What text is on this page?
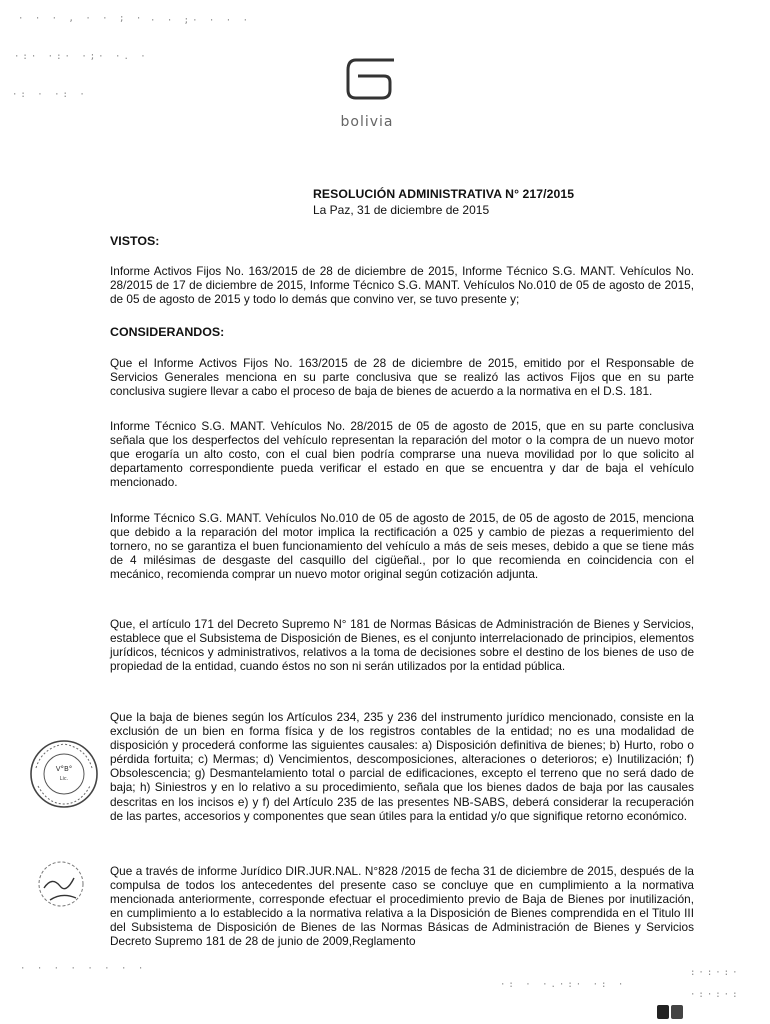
· · · , · · ; ·
·:· ·:· ·;· ·. ·
·: · ·: ·
· · ;· · · ·
· · · · · · · ·
·: · ·.·:· ·: ·
:·:·:·
·:·:·:
bolivia
RESOLUCIÓN ADMINISTRATIVA N° 217/2015
La Paz, 31 de diciembre de 2015
VISTOS:
Informe Activos Fijos No. 163/2015 de 28 de diciembre de 2015, Informe Técnico S.G. MANT. Vehículos No. 28/2015 de 17 de diciembre de 2015, Informe Técnico S.G. MANT. Vehículos No.010 de 05 de agosto de 2015, de 05 de agosto de 2015 y todo lo demás que convino ver, se tuvo presente y;
CONSIDERANDOS:
Que el Informe Activos Fijos No. 163/2015 de 28 de diciembre de 2015, emitido por el Responsable de Servicios Generales menciona en su parte conclusiva que se realizó las activos Fijos que en su parte conclusiva sugiere llevar a cabo el proceso de baja de bienes de acuerdo a la normativa en el D.S. 181.
Informe Técnico S.G. MANT. Vehículos No. 28/2015 de 05 de agosto de 2015, que en su parte conclusiva señala que los desperfectos del vehículo representan la reparación del motor o la compra de un nuevo motor que erogaría un alto costo, con el cual bien podría comprarse una nueva movilidad por lo que solicito al departamento correspondiente pueda verificar el estado en que se encuentra y dar de baja el vehículo mencionado.
Informe Técnico S.G. MANT. Vehículos No.010 de 05 de agosto de 2015, de 05 de agosto de 2015, menciona que debido a la reparación del motor implica la rectificación a 025 y cambio de piezas a requerimiento del tornero, no se garantiza el buen funcionamiento del vehículo a más de seis meses, debido a que se tiene más de 4 milésimas de desgaste del casquillo del cigüeñal., por lo que recomienda en coincidencia con el mecánico, recomienda comprar un nuevo motor original según cotización adjunta.
Que, el artículo 171 del Decreto Supremo N° 181 de Normas Básicas de Administración de Bienes y Servicios, establece que el Subsistema de Disposición de Bienes, es el conjunto interrelacionado de principios, elementos jurídicos, técnicos y administrativos, relativos a la toma de decisiones sobre el destino de los bienes de uso de propiedad de la entidad, cuando éstos no son ni serán utilizados por la entidad pública.
Que la baja de bienes según los Artículos 234, 235 y 236 del instrumento jurídico mencionado, consiste en la exclusión de un bien en forma física y de los registros contables de la entidad; no es una modalidad de disposición y procederá conforme las siguientes causales: a) Disposición definitiva de bienes; b) Hurto, robo o pérdida fortuita; c) Mermas; d) Vencimientos, descomposiciones, alteraciones o deterioros; e) Inutilización; f) Obsolescencia; g) Desmantelamiento total o parcial de edificaciones, excepto el terreno que no será dado de baja; h) Siniestros y en lo relativo a su procedimiento, señala que los bienes dados de baja por las causales descritas en los incisos e) y f) del Artículo 235 de las presentes NB-SABS, deberá considerar la recuperación de las partes, accesorios y componentes que sean útiles para la entidad y/o que signifique retorno económico.
Que a través de informe Jurídico DIR.JUR.NAL. N°828 /2015 de fecha 31 de diciembre de 2015, después de la compulsa de todos los antecedentes del presente caso se concluye que en cumplimiento a la normativa mencionada anteriormente, corresponde efectuar el procedimiento previo de Baja de Bienes por inutilización, en cumplimiento a lo establecido a la normativa relativa a la Disposición de Bienes comprendida en el Titulo III del Subsistema de Disposición de Bienes de las Normas Básicas de Administración de Bienes y Servicios Decreto Supremo 181 de 28 de junio de 2009,Reglamento
V°B°
Lic.
